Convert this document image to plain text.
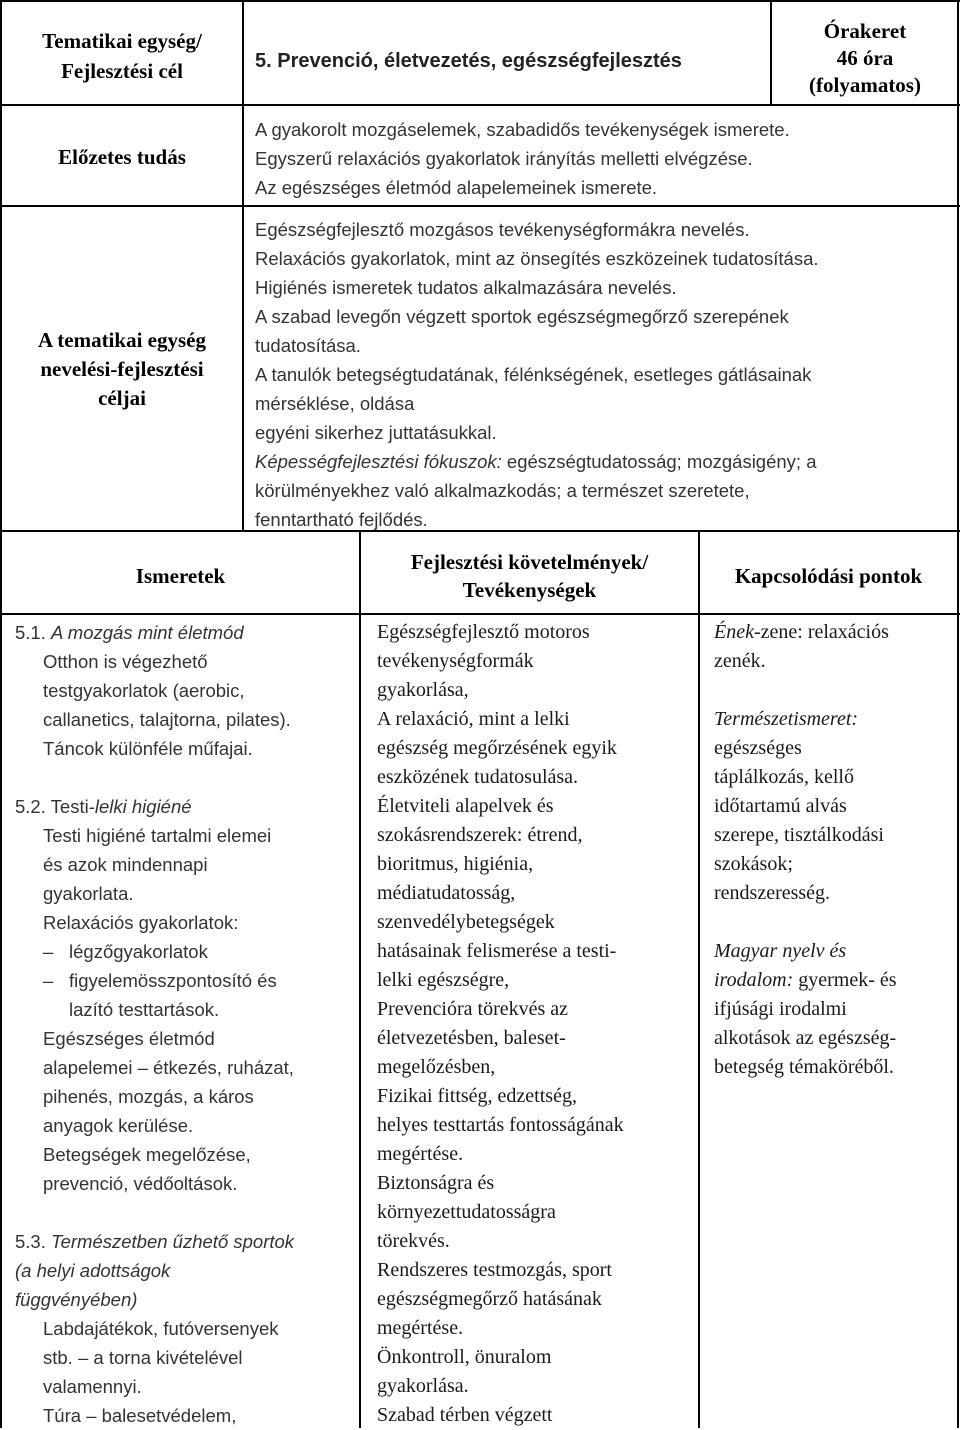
Tematikai egység/
Fejlesztési cél	5. Prevenció, életvezetés, egészségfejlesztés
Órakeret
46 óra
(folyamatos)
Előzetes tudás
A gyakorolt mozgáselemek, szabadidős tevékenységek ismerete.
Egyszerű relaxációs gyakorlatok irányítás melletti elvégzése.
Az egészséges életmód alapelemeinek ismerete.
A tematikai egység
nevelési-fejlesztési
céljai
Egészségfejlesztő mozgásos tevékenységformákra nevelés.
Relaxációs gyakorlatok, mint az önsegítés eszközeinek tudatosítása.
Higiénés ismeretek tudatos alkalmazására nevelés.
A szabad levegőn végzett sportok egészségmegőrző szerepének
tudatosítása.
A tanulók betegségtudatának, félénkségének, esetleges gátlásainak
mérséklése, oldása
egyéni sikerhez juttatásukkal.
Képességfejlesztési fókuszok: egészségtudatosság; mozgásigény; a
körülményekhez való alkalmazkodás; a természet szeretete,
fenntartható fejlődés.
Ismeretek
Fejlesztési követelmények/
Tevékenységek
Kapcsolódási pontok
5.1. A mozgás mint életmód
Otthon is végezhető
testgyakorlatok (aerobic,
callanetics, talajtorna, pilates).
Táncok különféle műfajai.
5.2. Testi-lelki higiéné
Testi higiéné tartalmi elemei
és azok mindennapi
gyakorlata.
Relaxációs gyakorlatok:
– légzőgyakorlatok
– figyelemösszpontosító és
lazító testtartások.
Egészséges életmód
alapelemei – étkezés, ruházat,
pihenés, mozgás, a káros
anyagok kerülése.
Betegségek megelőzése,
prevenció, védőoltások.
5.3. Természetben űzhető sportok
(a helyi adottságok
függvényében)
Labdajátékok, futóversenyek
stb. – a torna kivételével
valamennyi.
Túra – balesetvédelem,
Egészségfejlesztő motoros
tevékenységformák
gyakorlása,
A relaxáció, mint a lelki
egészség megőrzésének egyik
eszközének tudatosulása.
Életviteli alapelvek és
szokásrendszerek: étrend,
bioritmus, higiénia,
médiatudatosság,
szenvedélybetegségek
hatásainak felismerése a testi-
lelki egészségre,
Prevencióra törekvés az
életvezetésben, baleset-
megelőzésben,
Fizikai fittség, edzettség,
helyes testtartás fontosságának
megértése.
Biztonságra és
környezettudatosságra
törekvés.
Rendszeres testmozgás, sport
egészségmegőrző hatásának
megértése.
Önkontroll, önuralom
gyakorlása.
Szabad térben végzett
Ének-zene: relaxációs
zenék.
Természetismeret:
egészséges
táplálkozás, kellő
időtartamú alvás
szerepe, tisztálkodási
szokások;
rendszeresség.
Magyar nyelv és
irodalom: gyermek- és
ifjúsági irodalmi
alkotások az egészség-
betegség témaköréből.
